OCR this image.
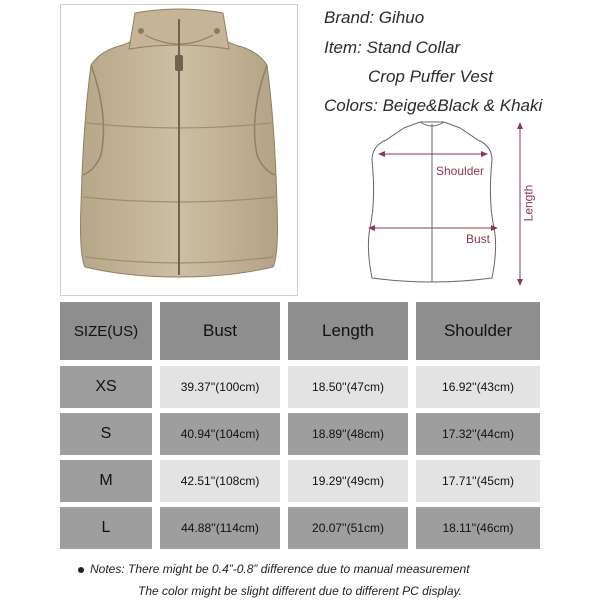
Brand: Gihuo
Item: Stand Collar
Crop Puffer Vest
Colors: Beige&Black & Khaki
Shoulder
Bust
Length
SIZE(US)	Bust	Length	Shoulder
XS	39.37''(100cm)	18.50''(47cm)	16.92''(43cm)
S	40.94''(104cm)	18.89''(48cm)	17.32''(44cm)
M	42.51''(108cm)	19.29''(49cm)	17.71''(45cm)
L	44.88''(114cm)	20.07''(51cm)	18.11''(46cm)
Notes: There might be 0.4”-0.8” difference due to manual measurement
The color might be slight different due to different PC display.
